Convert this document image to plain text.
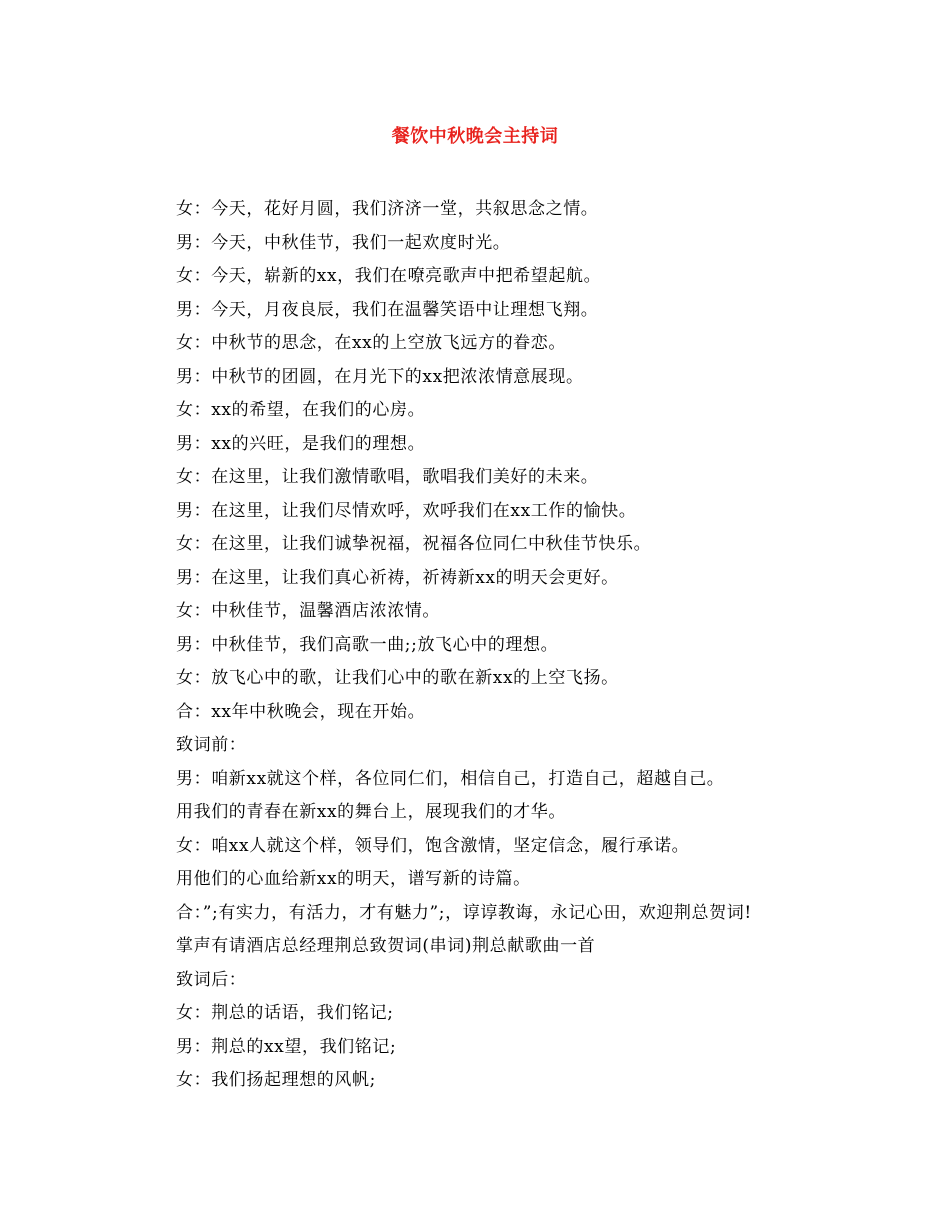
餐饮中秋晚会主持词
女：今天，花好月圆，我们济济一堂，共叙思念之情。
男：今天，中秋佳节，我们一起欢度时光。
女：今天，崭新的xx，我们在嘹亮歌声中把希望起航。
男：今天，月夜良辰，我们在温馨笑语中让理想飞翔。
女：中秋节的思念，在xx的上空放飞远方的眷恋。
男：中秋节的团圆，在月光下的xx把浓浓情意展现。
女：xx的希望，在我们的心房。
男：xx的兴旺，是我们的理想。
女：在这里，让我们激情歌唱，歌唱我们美好的未来。
男：在这里，让我们尽情欢呼，欢呼我们在xx工作的愉快。
女：在这里，让我们诚挚祝福，祝福各位同仁中秋佳节快乐。
男：在这里，让我们真心祈祷，祈祷新xx的明天会更好。
女：中秋佳节，温馨酒店浓浓情。
男：中秋佳节，我们高歌一曲;;放飞心中的理想。
女：放飞心中的歌，让我们心中的歌在新xx的上空飞扬。
合：xx年中秋晚会，现在开始。
致词前：
男：咱新xx就这个样，各位同仁们，相信自己，打造自己，超越自己。
用我们的青春在新xx的舞台上，展现我们的才华。
女：咱xx人就这个样，领导们，饱含激情，坚定信念，履行承诺。
用他们的心血给新xx的明天，谱写新的诗篇。
合：”;有实力，有活力，才有魅力”;，谆谆教诲，永记心田，欢迎荆总贺词!
掌声有请酒店总经理荆总致贺词(串词)荆总献歌曲一首
致词后：
女：荆总的话语，我们铭记;
男：荆总的xx望，我们铭记;
女：我们扬起理想的风帆;
